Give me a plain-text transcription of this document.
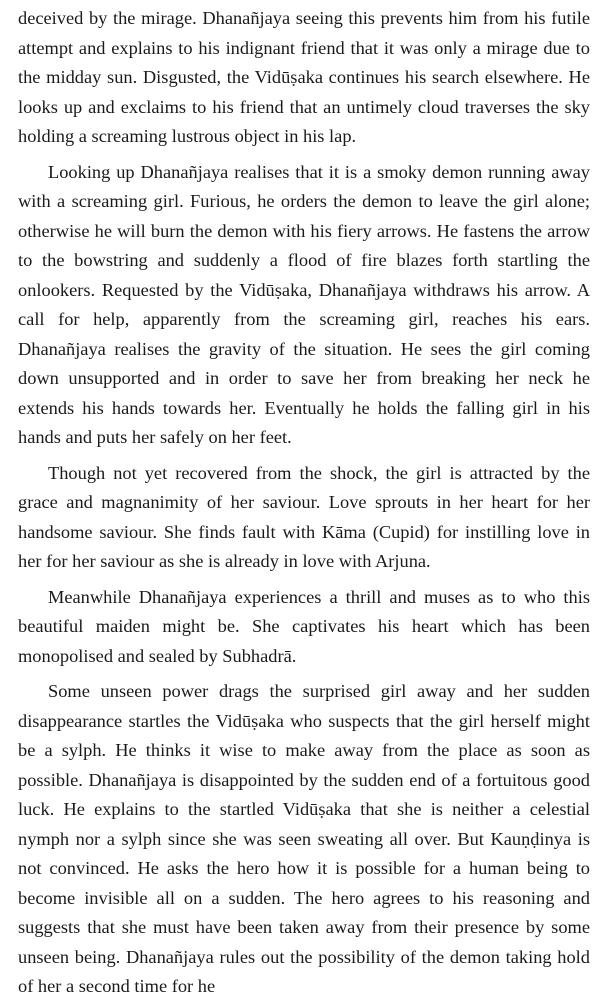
deceived by the mirage. Dhanañjaya seeing this prevents him from his futile attempt and explains to his indignant friend that it was only a mirage due to the midday sun. Disgusted, the Vidūṣaka continues his search elsewhere. He looks up and exclaims to his friend that an untimely cloud traverses the sky holding a screaming lustrous object in his lap.

Looking up Dhanañjaya realises that it is a smoky demon running away with a screaming girl. Furious, he orders the demon to leave the girl alone; otherwise he will burn the demon with his fiery arrows. He fastens the arrow to the bowstring and suddenly a flood of fire blazes forth startling the onlookers. Requested by the Vidūṣaka, Dhanañjaya withdraws his arrow. A call for help, apparently from the screaming girl, reaches his ears. Dhanañjaya realises the gravity of the situation. He sees the girl coming down unsupported and in order to save her from breaking her neck he extends his hands towards her. Eventually he holds the falling girl in his hands and puts her safely on her feet.

Though not yet recovered from the shock, the girl is attracted by the grace and magnanimity of her saviour. Love sprouts in her heart for her handsome saviour. She finds fault with Kāma (Cupid) for instilling love in her for her saviour as she is already in love with Arjuna.

Meanwhile Dhanañjaya experiences a thrill and muses as to who this beautiful maiden might be. She captivates his heart which has been monopolised and sealed by Subhadrā.

Some unseen power drags the surprised girl away and her sudden disappearance startles the Vidūṣaka who suspects that the girl herself might be a sylph. He thinks it wise to make away from the place as soon as possible. Dhanañjaya is disappointed by the sudden end of a fortuitous good luck. He explains to the startled Vidūṣaka that she is neither a celestial nymph nor a sylph since she was seen sweating all over. But Kauṇḍinya is not convinced. He asks the hero how it is possible for a human being to become invisible all on a sudden. The hero agrees to his reasoning and suggests that she must have been taken away from their presence by some unseen being. Dhanañjaya rules out the possibility of the demon taking hold of her a second time for he
